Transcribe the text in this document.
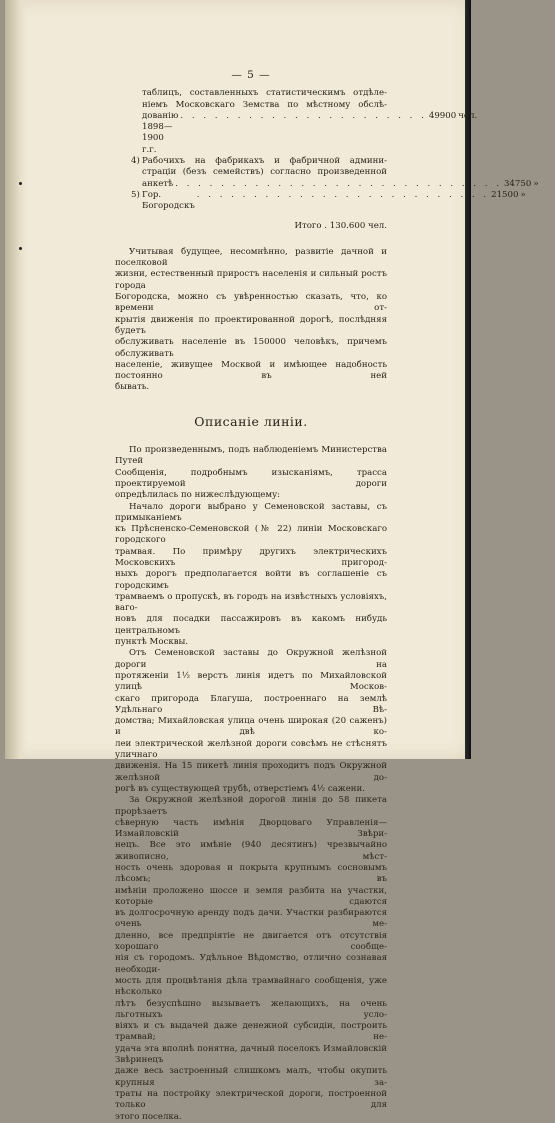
— 5 —
таблицъ, составленныхъ статистическимъ отдѣле-
ніемъ Московскаго Земства по мѣстному обслѣ-
дованію 1898—1900 г.г.
. . . . . . . . . . . . . . . . . . . . . . 49900 чел.
4) Рабочихъ на фабрикахъ и фабричной админи-
страціи (безъ семействъ) согласно произведенной
анкетѣ . . . . . . . . . . . . . . . . . . . . . . . . . . . . . 34750 »
5) Гор. Богородскъ
. . . . . . . . . . . . . . . . . . . . . . . . . . 21500 »
Итого . 130.600 чел.
Учитывая будущее, несомнѣнно, развитіе дачной и поселковой
жизни, естественный приростъ населенія и сильный ростъ города
Богородска, можно съ увѣренностью сказать, что, ко времени от-
крытія движенія по проектированной дорогѣ, послѣдняя будетъ
обслуживать населеніе въ 150000 человѣкъ, причемъ обслуживать
населеніе, живущее Москвой и имѣющее надобность постоянно въ ней
бывать.
Описаніе линіи.
По произведеннымъ, подъ наблюденіемъ Министерства Путей
Сообщенія, подробнымъ изысканіямъ, трасса проектируемой дороги
опредѣлилась по нижеслѣдующему:
Начало дороги выбрано у Семеновской заставы, съ примыканіемъ
къ Прѣсненско-Семеновской (№ 22) линіи Московскаго городского
трамвая. По примѣру другихъ электрическихъ Московскихъ пригород-
ныхъ дорогъ предполагается войти въ соглашеніе съ городскимъ
трамваемъ о пропускѣ, въ городъ на извѣстныхъ условіяхъ, ваго-
новъ для посадки пассажировъ въ какомъ нибудь центральномъ
пунктѣ Москвы.
Отъ Семеновской заставы до Окружной желѣзной дороги на
протяженіи 1½ верстъ линія идетъ по Михайловской улицѣ Москов-
скаго пригорода Благуша, построеннаго на землѣ Удѣльнаго Вѣ-
домства; Михайловская улица очень широкая (20 саженъ) и двѣ ко-
леи электрической желѣзной дороги совсѣмъ не стѣснятъ уличнаго
движенія. На 15 пикетѣ линія проходитъ подъ Окружной желѣзной до-
рогѣ въ существующей трубѣ, отверстіемъ 4½ сажени.
За Окружной желѣзной дорогой линія до 58 пикета прорѣзаетъ
сѣверную часть имѣнія Дворцоваго Управленія—Измайловскій Звѣри-
нецъ. Все это имѣніе (940 десятинъ) чрезвычайно живописно, мѣст-
ность очень здоровая и покрыта крупнымъ сосновымъ лѣсомъ; въ
имѣніи проложено шоссе и земля разбита на участки, которые сдаются
въ долгосрочную аренду подъ дачи. Участки разбираются очень ме-
дленно, все предпріятіе не двигается отъ отсутствія хорошаго сообще-
нія съ городомъ. Удѣльное Вѣдомство, отлично сознавая необходи-
мость для процвѣтанія дѣла трамвайнаго сообщенія, уже нѣсколько
лѣтъ безуспѣшно вызываетъ желающихъ, на очень льготныхъ усло-
віяхъ и съ выдачей даже денежной субсидіи, построить трамвай; не-
удача эта вполнѣ понятна, дачный поселокъ Измайловскій Звѣринецъ
даже весь застроенный слишкомъ малъ, чтобы окупить крупныя за-
траты на постройку электрической дороги, построенной только для
этого поселка.
